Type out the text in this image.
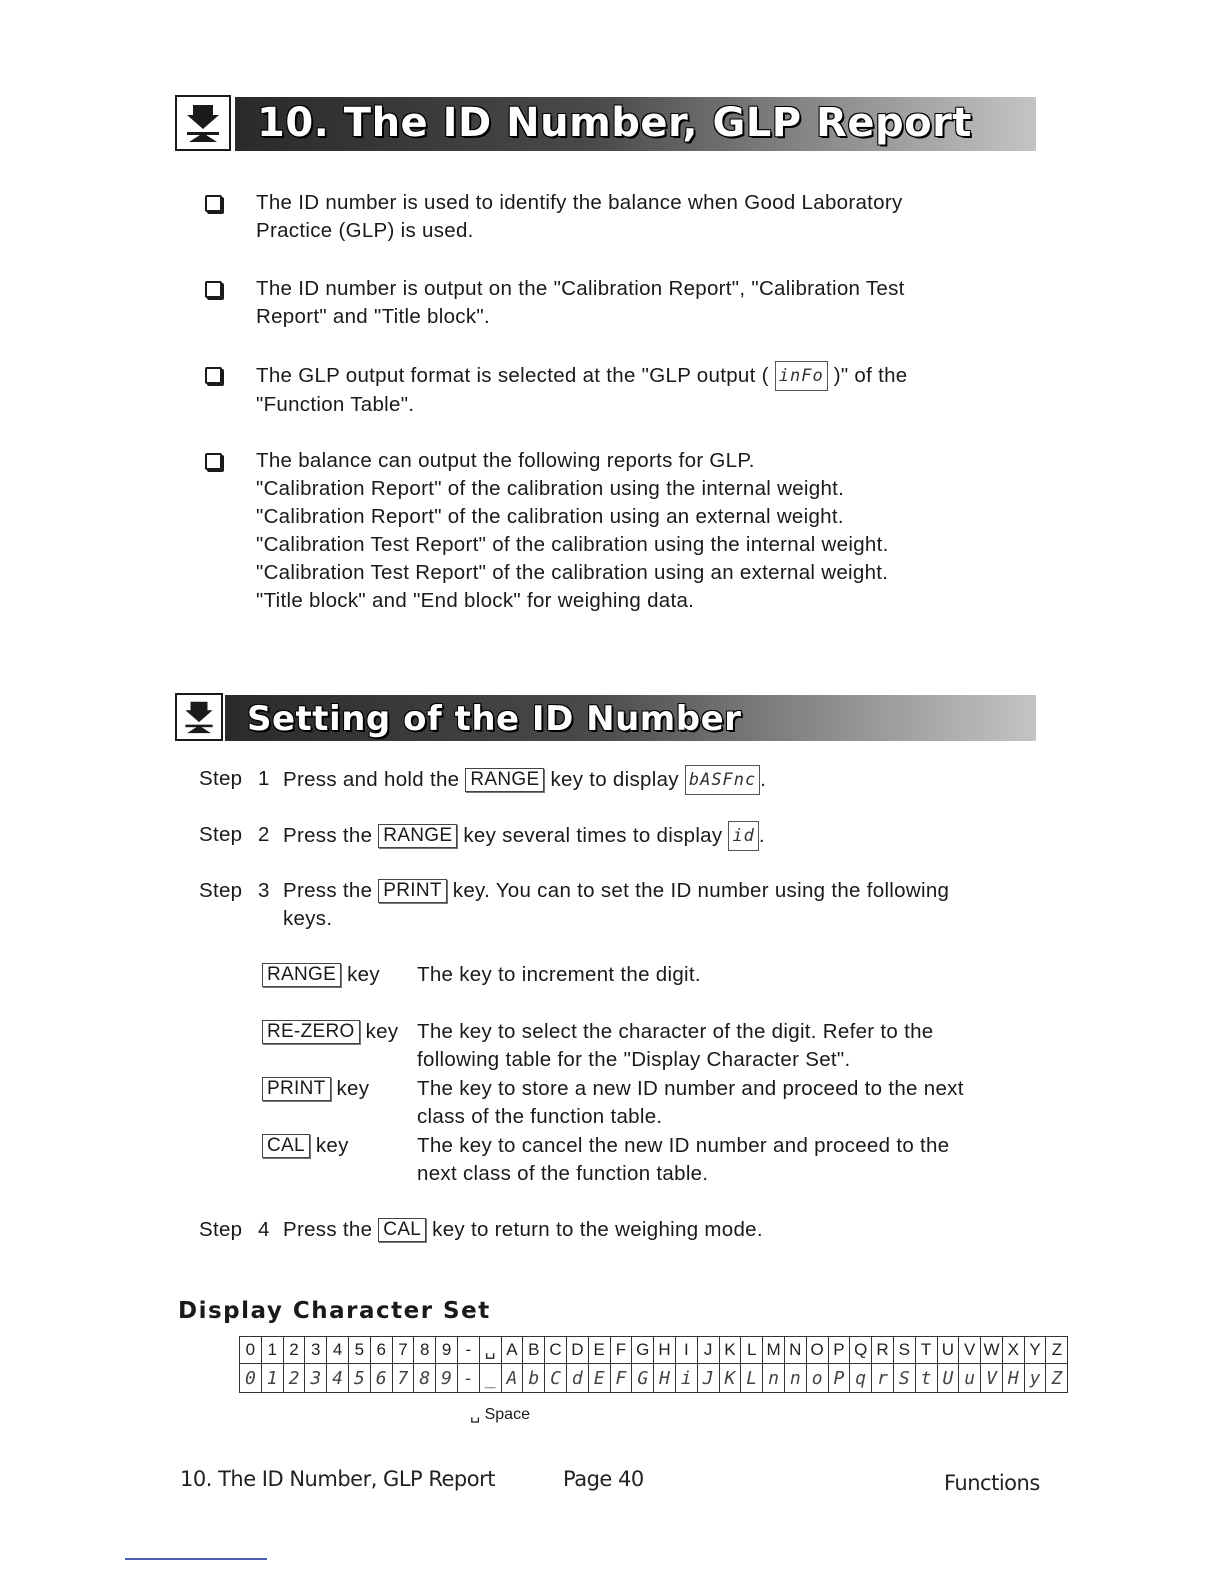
10. The ID Number, GLP Report
The ID number is used to identify the balance when Good Laboratory
Practice (GLP) is used.
The ID number is output on the "Calibration Report", "Calibration Test
Report" and "Title block".
The GLP output format is selected at the "GLP output ( inFo )" of the
"Function Table".
The balance can output the following reports for GLP.
"Calibration Report" of the calibration using the internal weight.
"Calibration Report" of the calibration using an external weight.
"Calibration Test Report" of the calibration using the internal weight.
"Calibration Test Report" of the calibration using an external weight.
"Title block" and "End block" for weighing data.
Setting of the ID Number
Step 1 Press and hold the RANGE key to display bASFnc .
Step 2 Press the RANGE key several times to display id .
Step 3 Press the PRINT key. You can to set the ID number using the following
keys.
RANGE key The key to increment the digit.
RE-ZERO key The key to select the character of the digit. Refer to the
following table for the "Display Character Set".
PRINT key The key to store a new ID number and proceed to the next
class of the function table.
CAL key	The key to cancel the new ID number and proceed to the
next class of the function table.
Step 4 Press the CAL key to return to the weighing mode.
Display Character Set
0	1	2	3	4	5	6	7	8	9	-	␣	A	B	C	D	E	F	G	H	I	J	K	L	M	N	O	P	Q	R	S	T	U	V	W	X	Y	Z
0	1	2	3	4	5	6	7	8	9	-	_	A	b	C	d	E	F	G	H	i	J	K	L	n	n	o	P	q	r	S	t	U	u	V	H	y	Z
␣ Space
10. The ID Number, GLP Report	Page 40	Functions
